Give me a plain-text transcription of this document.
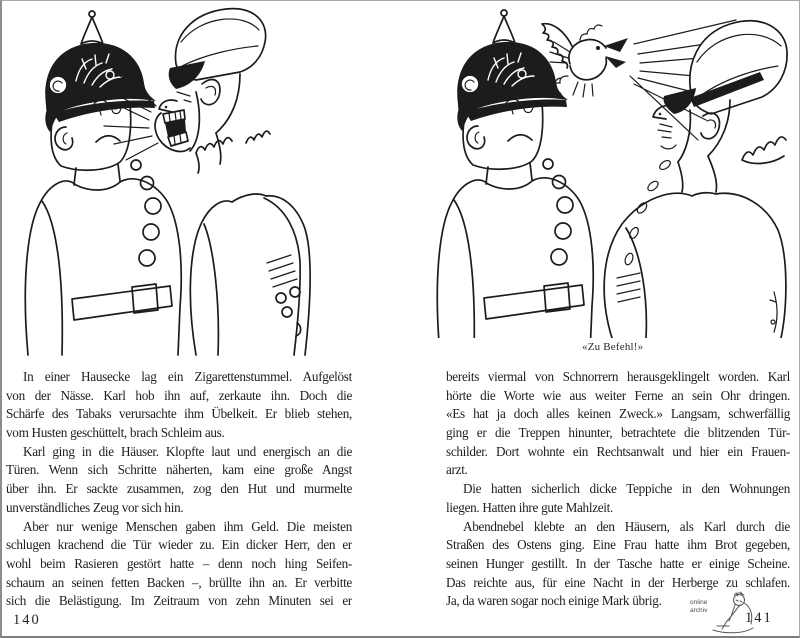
In einer Hausecke lag ein Zigarettenstummel. Aufgelöst
von der Nässe. Karl hob ihn auf, zerkaute ihn. Doch die
Schärfe des Tabaks verursachte ihm Übelkeit. Er blieb stehen,
vom Husten geschüttelt, brach Schleim aus.
Karl ging in die Häuser. Klopfte laut und energisch an die
Türen. Wenn sich Schritte näherten, kam eine große Angst
über ihn. Er sackte zusammen, zog den Hut und murmelte
unverständliches Zeug vor sich hin.
Aber nur wenige Menschen gaben ihm Geld. Die meisten
schlugen krachend die Tür wieder zu. Ein dicker Herr, den er
wohl beim Rasieren gestört hatte – denn noch hing Seifen-
schaum an seinen fetten Backen –, brüllte ihn an. Er verbitte
sich die Belästigung. Im Zeitraum von zehn Minuten sei er
140
«Zu Befehl!»
bereits viermal von Schnorrern herausgeklingelt worden. Karl
hörte die Worte wie aus weiter Ferne an sein Ohr dringen.
«Es hat ja doch alles keinen Zweck.» Langsam, schwerfällig
ging er die Treppen hinunter, betrachtete die blitzenden Tür-
schilder. Dort wohnte ein Rechtsanwalt und hier ein Frauen-
arzt.
Die hatten sicherlich dicke Teppiche in den Wohnungen
liegen. Hatten ihre gute Mahlzeit.
Abendnebel klebte an den Häusern, als Karl durch die
Straßen des Ostens ging. Eine Frau hatte ihm Brot gegeben,
seinen Hunger gestillt. In der Tasche hatte er einige Scheine.
Das reichte aus, für eine Nacht in der Herberge zu schlafen.
Ja, da waren sogar noch einige Mark übrig.
141
online
archiv
